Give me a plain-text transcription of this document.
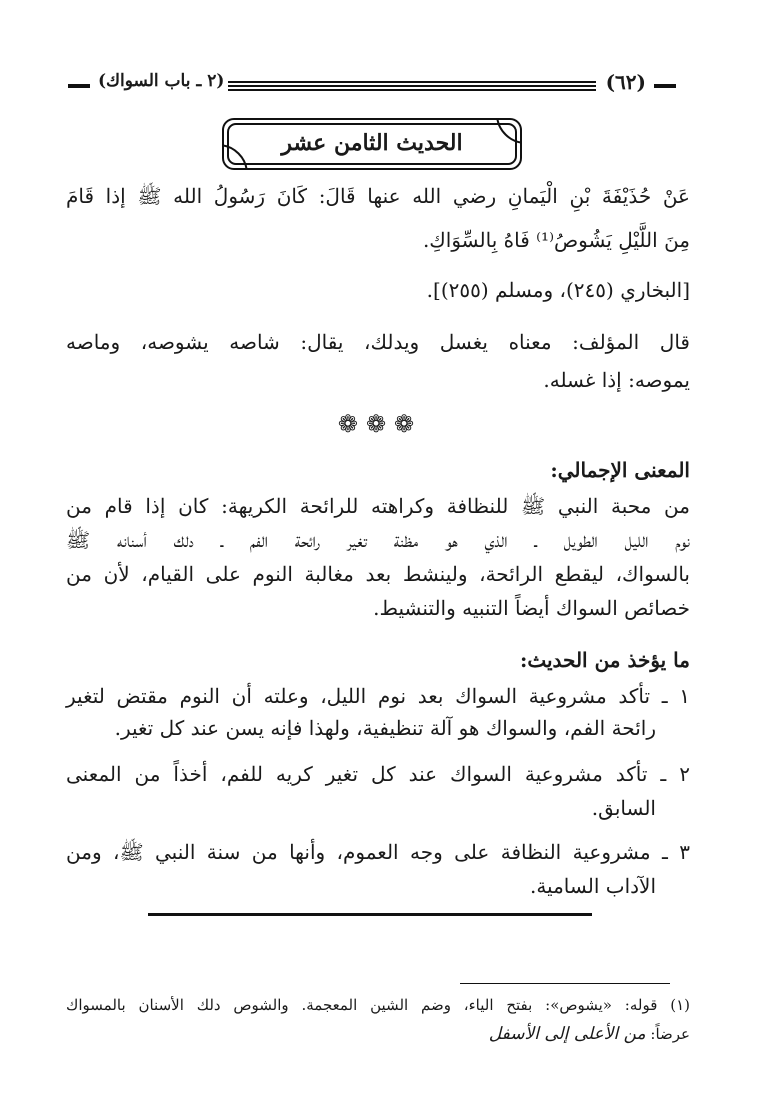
(٦٢)
(٢ ـ باب السواك)
الحديث الثامن عشر
عَنْ حُذَيْفَةَ بْنِ الْيَمانِ رضي الله عنها قَالَ: كَانَ رَسُولُ الله ﷺ إذا قَامَ
مِنَ اللَّيْلِ يَشُوصُ⁽¹⁾ فَاهُ بِالسِّوَاكِ.
[البخاري (٢٤٥)، ومسلم (٢٥٥)].
قال المؤلف: معناه يغسل ويدلك، يقال: شاصه يشوصه، وماصه
يموصه: إذا غسله.
❁❁❁
المعنى الإجمالي:
من محبة النبي ﷺ للنظافة وكراهته للرائحة الكريهة: كان إذا قام من
نوم الليل الطويل ـ الذي هو مظنة تغير رائحة الفم ـ دلك أسنانه ﷺ
بالسواك، ليقطع الرائحة، ولينشط بعد مغالبة النوم على القيام، لأن من
خصائص السواك أيضاً التنبيه والتنشيط.
ما يؤخذ من الحديث:
١ ـ تأكد مشروعية السواك بعد نوم الليل، وعلته أن النوم مقتض لتغير
رائحة الفم، والسواك هو آلة تنظيفية، ولهذا فإنه يسن عند كل تغير.
٢ ـ تأكد مشروعية السواك عند كل تغير كريه للفم، أخذاً من المعنى
السابق.
٣ ـ مشروعية النظافة على وجه العموم، وأنها من سنة النبي ﷺ، ومن
الآداب السامية.
(١) قوله: «يشوص»: بفتح الياء، وضم الشين المعجمة. والشوص دلك الأسنان بالمسواك
عرضاً: من الأعلى إلى الأسفل
